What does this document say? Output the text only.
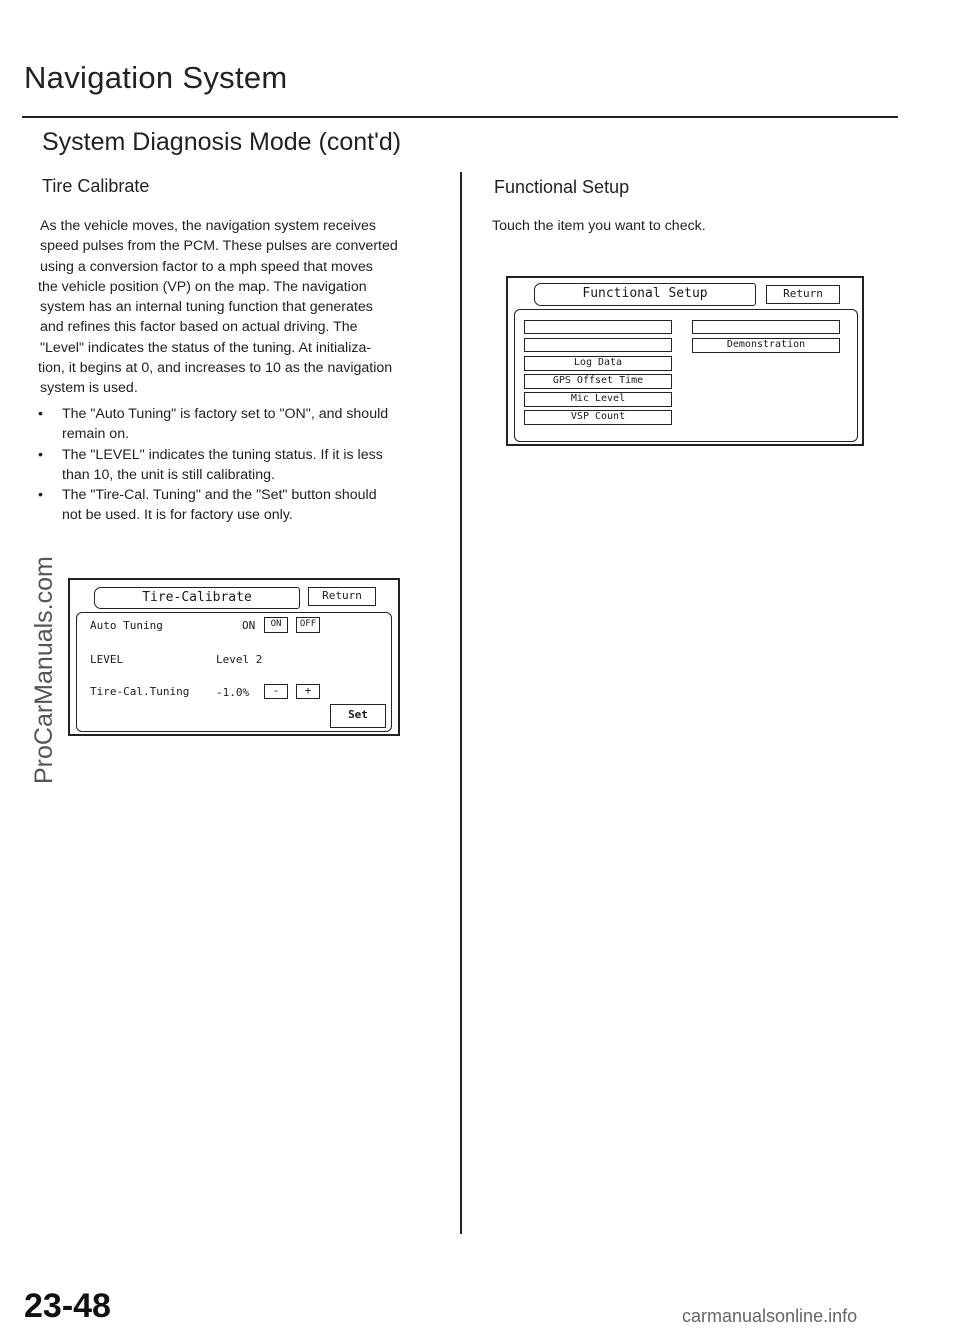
Navigation System
System Diagnosis Mode (cont'd)
Tire Calibrate
As the vehicle moves, the navigation system receives
speed pulses from the PCM. These pulses are converted
using a conversion factor to a mph speed that moves
the vehicle position (VP) on the map. The navigation
system has an internal tuning function that generates
and refines this factor based on actual driving. The
"Level" indicates the status of the tuning. At initializa-
tion, it begins at 0, and increases to 10 as the navigation
system is used.
• The "Auto Tuning" is factory set to "ON", and should
remain on.
• The "LEVEL" indicates the tuning status. If it is less
than 10, the unit is still calibrating.
• The "Tire-Cal. Tuning" and the "Set" button should
not be used. It is for factory use only.
Tire-Calibrate	Return
Auto Tuning	ON	ON	OFF
LEVEL	Level 2
Tire-Cal.Tuning -1.0%	-	+
Set
Functional Setup
Touch the item you want to check.
Functional Setup	Return
Log Data
GPS Offset Time
Mic Level
VSP Count
Demonstration
ProCarManuals.com
23-48	carmanualsonline.info
